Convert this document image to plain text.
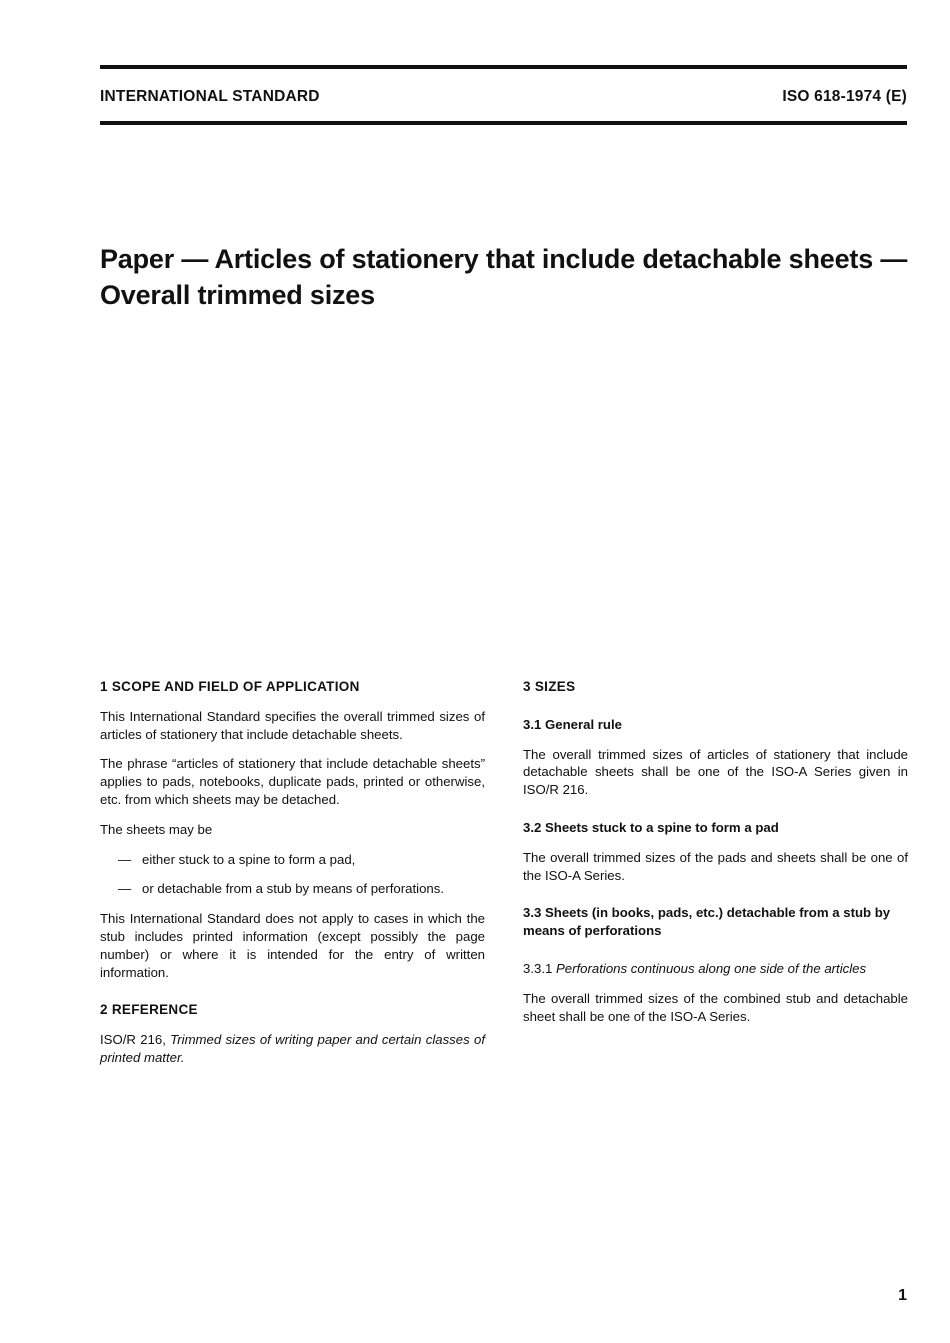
INTERNATIONAL STANDARD	ISO 618-1974 (E)
Paper — Articles of stationery that include detachable sheets —
Overall trimmed sizes
1 SCOPE AND FIELD OF APPLICATION

This International Standard specifies the overall trimmed sizes of articles of stationery that include detachable sheets.

The phrase “articles of stationery that include detachable sheets” applies to pads, notebooks, duplicate pads, printed or otherwise, etc. from which sheets may be detached.

The sheets may be

— either stuck to a spine to form a pad,
— or detachable from a stub by means of perforations.

This International Standard does not apply to cases in which the stub includes printed information (except possibly the page number) or where it is intended for the entry of written information.

2 REFERENCE

ISO/R 216, Trimmed sizes of writing paper and certain classes of printed matter.

3 SIZES
3.1 General rule

The overall trimmed sizes of articles of stationery that include detachable sheets shall be one of the ISO-A Series given in ISO/R 216.

3.2 Sheets stuck to a spine to form a pad

The overall trimmed sizes of the pads and sheets shall be one of the ISO-A Series.

3.3 Sheets (in books, pads, etc.) detachable from a stub by means of perforations

3.3.1 Perforations continuous along one side of the articles

The overall trimmed sizes of the combined stub and detachable sheet shall be one of the ISO-A Series.

1
